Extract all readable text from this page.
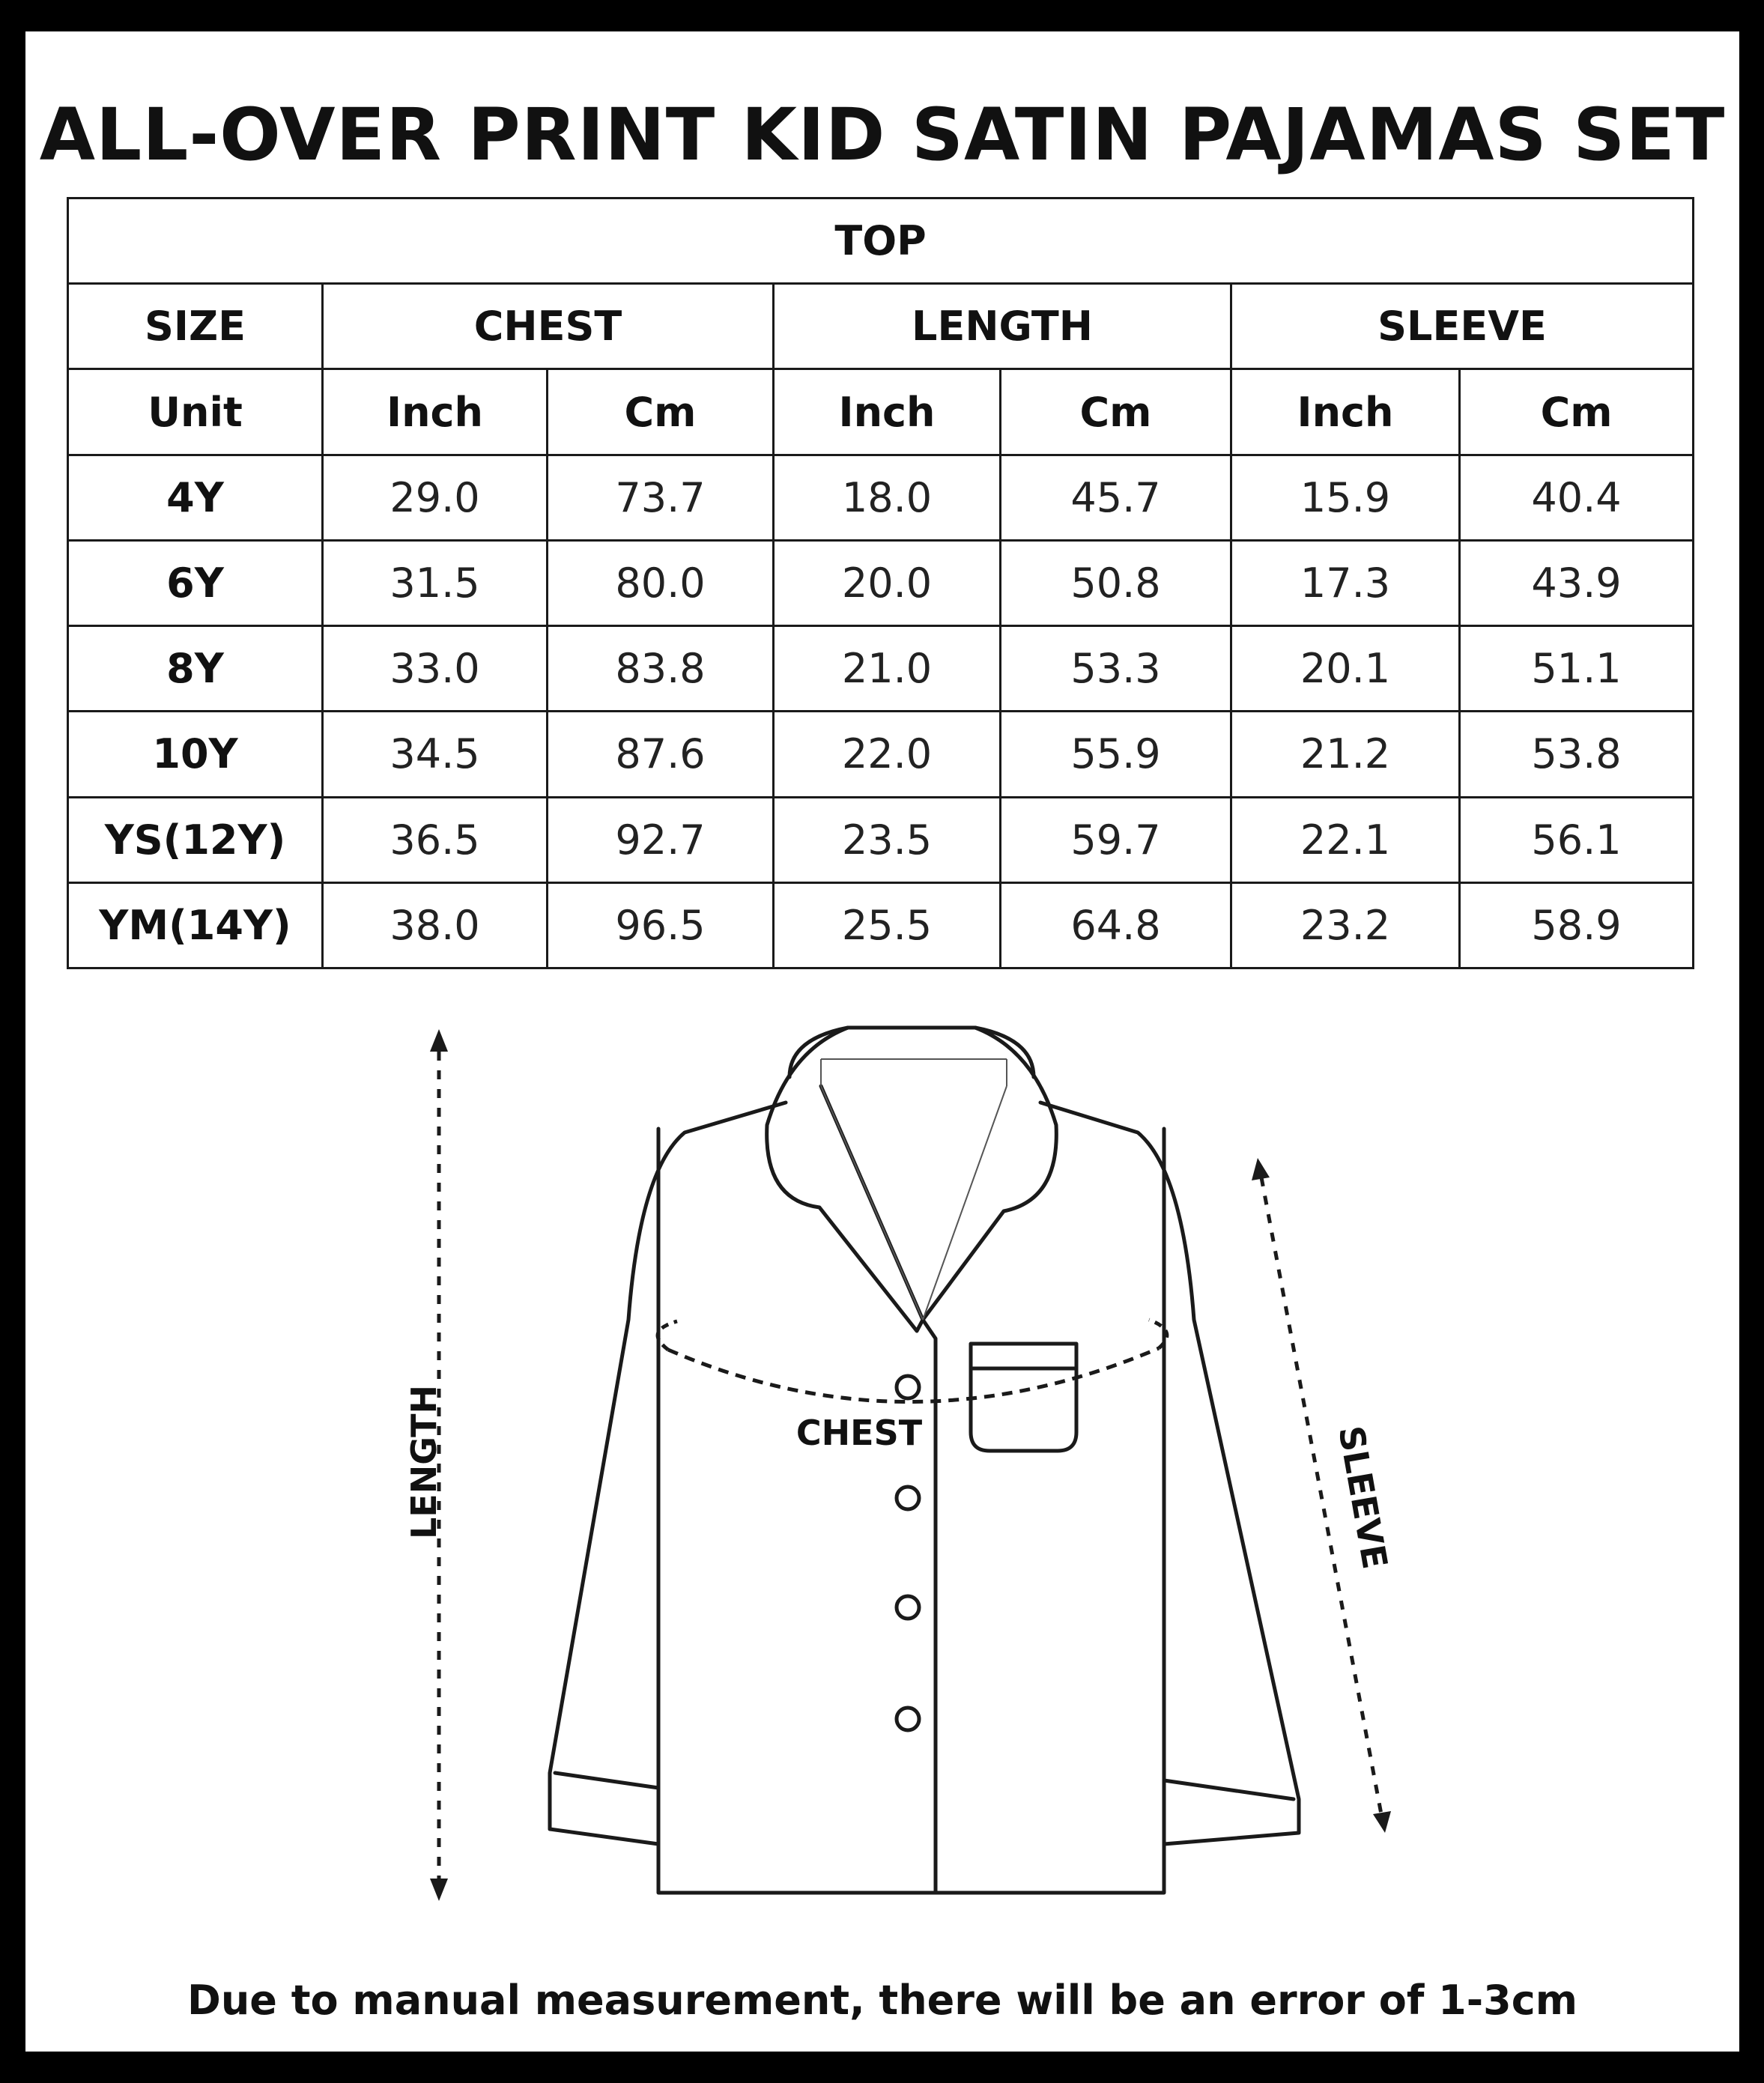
ALL-OVER PRINT KID SATIN PAJAMAS SET
TOP						
SIZE	CHEST		LENGTH		SLEEVE	
Unit	Inch	Cm	Inch	Cm	Inch	Cm
4Y	29.0	73.7	18.0	45.7	15.9	40.4
6Y	31.5	80.0	20.0	50.8	17.3	43.9
8Y	33.0	83.8	21.0	53.3	20.1	51.1
10Y	34.5	87.6	22.0	55.9	21.2	53.8
YS(12Y)	36.5	92.7	23.5	59.7	22.1	56.1
YM(14Y)	38.0	96.5	25.5	64.8	23.2	58.9
LENGTH	CHEST	SLEEVE
Due to manual measurement, there will be an error of 1-3cm
